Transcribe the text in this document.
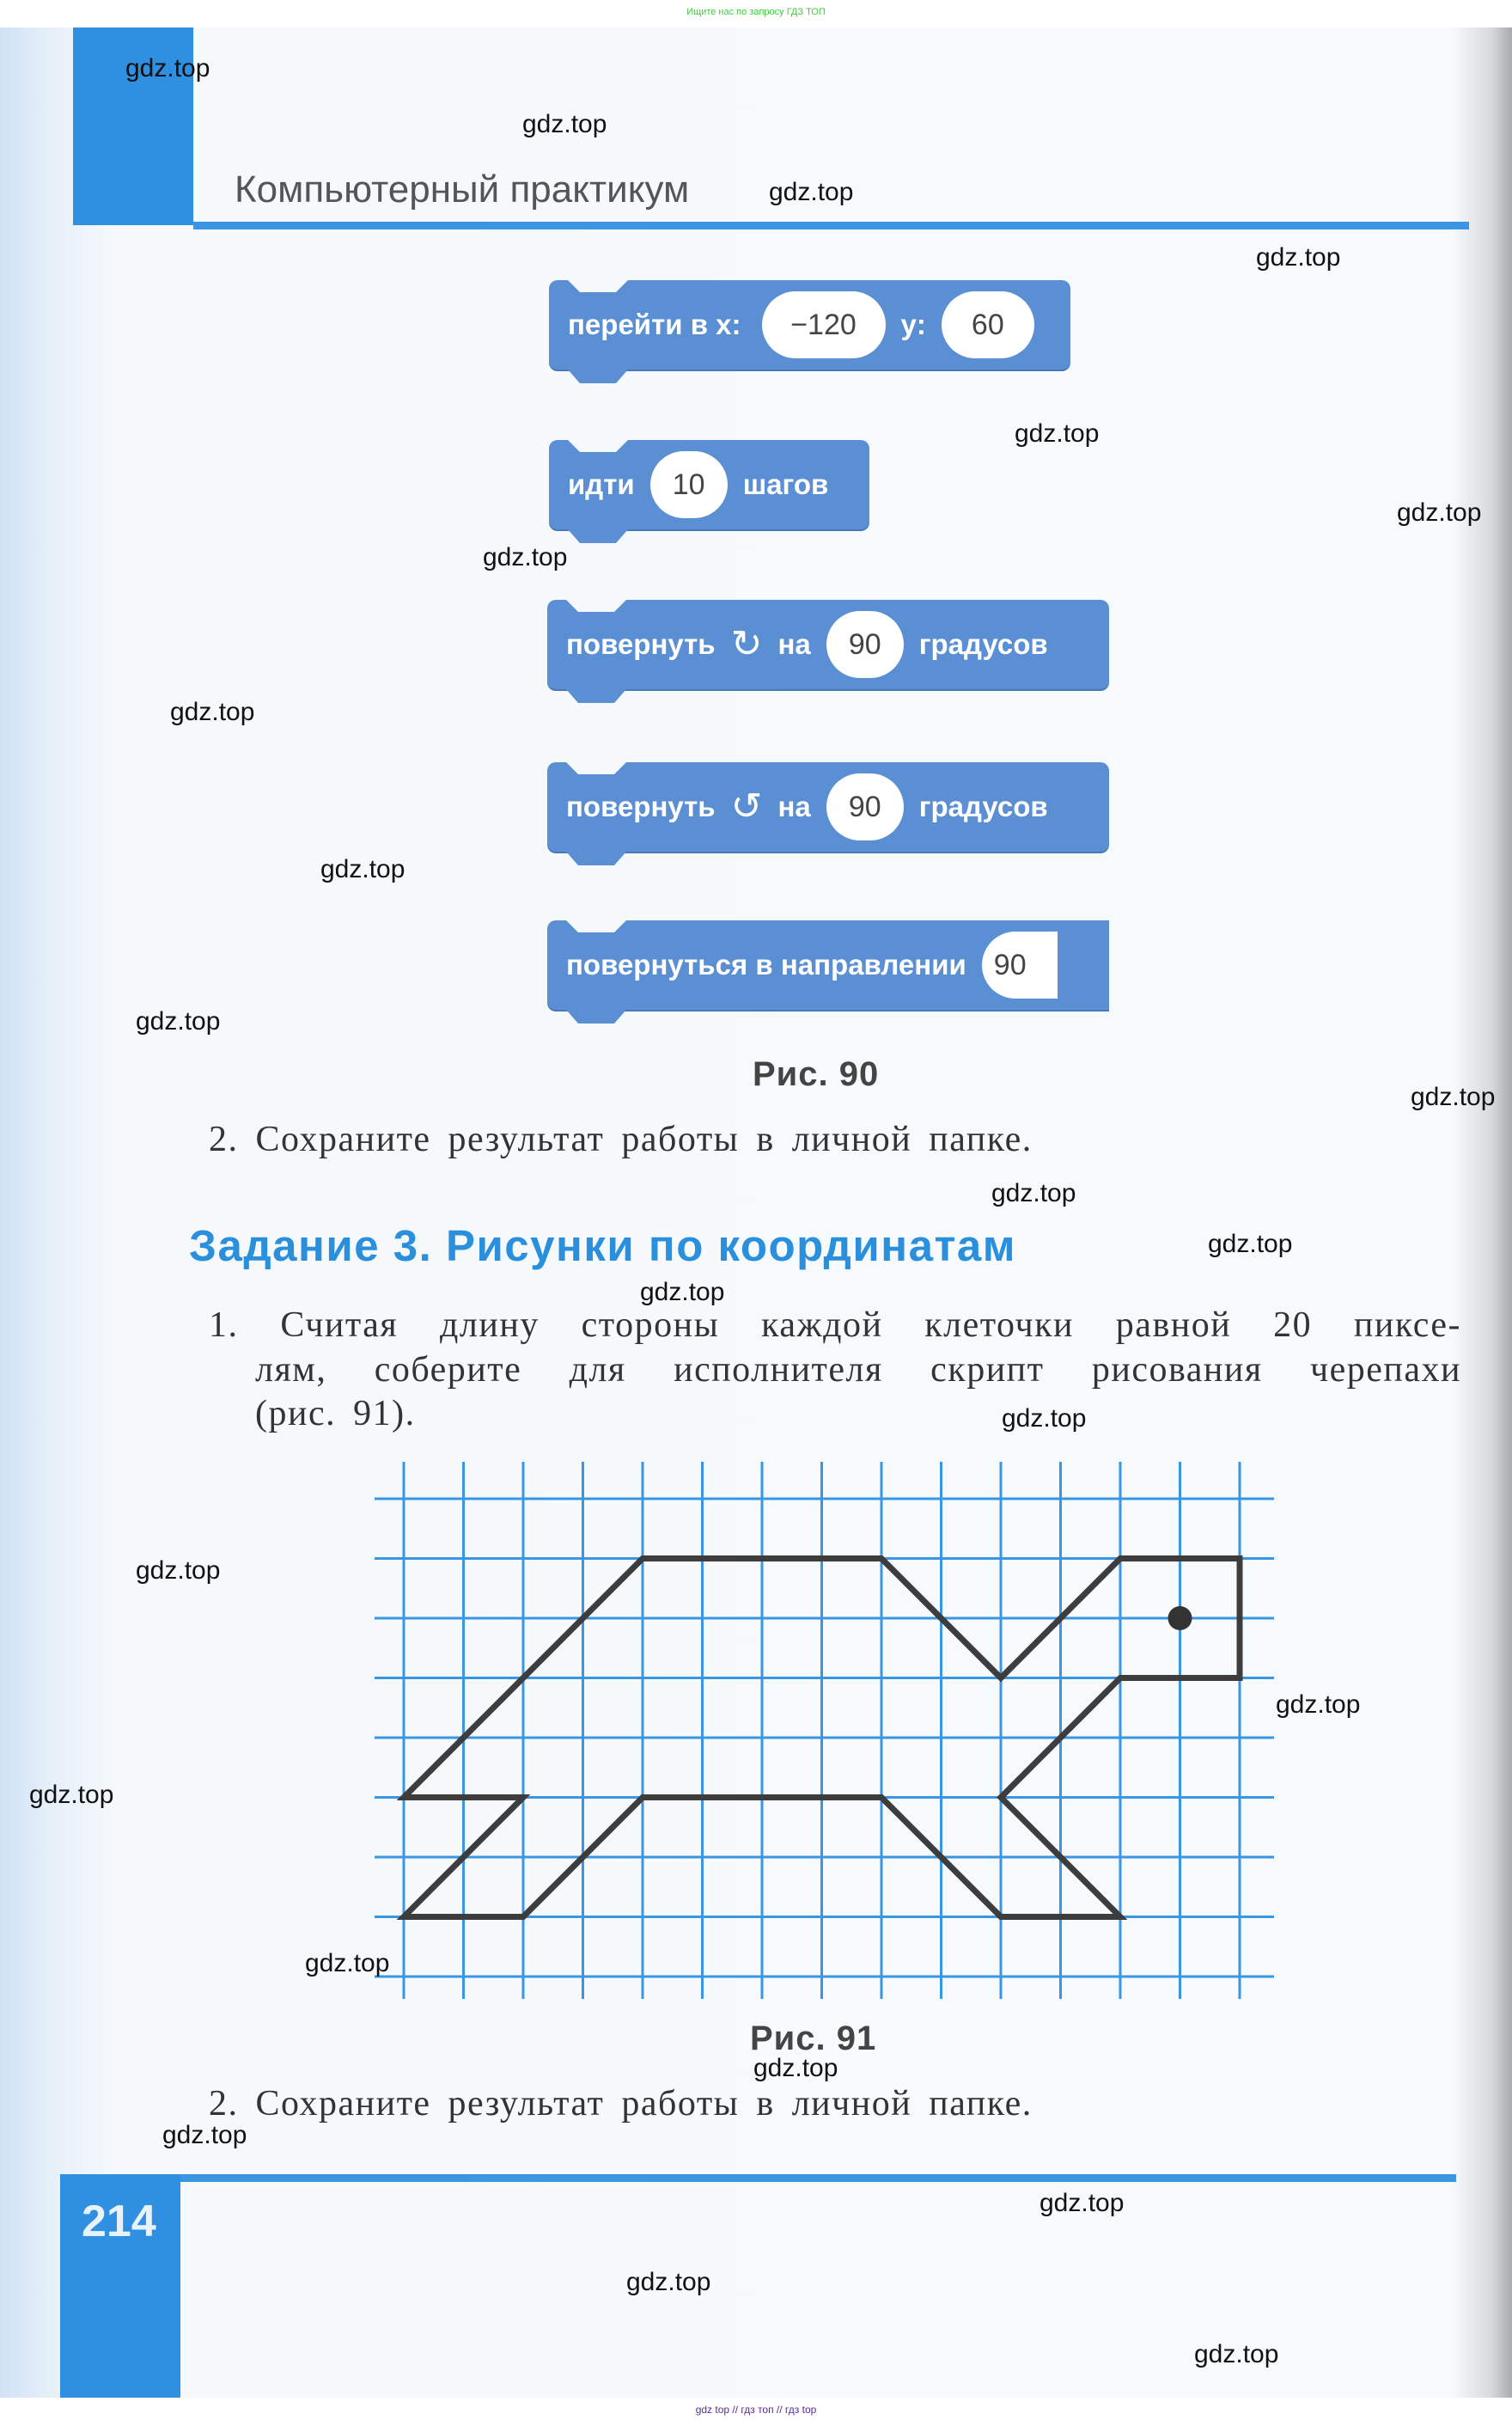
Ищите нас по запросу ГДЗ ТОП
Компьютерный практикум
перейти в x:	−120	y:	60
идти	10	шагов
повернуть ↻ на	90	градусов
повернуть ↺ на	90	градусов
повернуться в направлении 90
Рис. 90
2. Сохраните результат работы в личной папке.
Задание 3. Рисунки по координатам
1. Считая длину стороны каждой клеточки равной 20 пиксе-
лям, соберите для исполнителя скрипт рисования черепахи
(рис. 91).
Рис. 91
2. Сохраните результат работы в личной папке.
214
gdz top // гдз топ // гдз top
gdz.top
gdz.top
gdz.top
gdz.top
gdz.top
gdz.top
gdz.top
gdz.top
gdz.top
gdz.top
gdz.top
gdz.top
gdz.top
gdz.top
gdz.top
gdz.top
gdz.top
gdz.top
gdz.top
gdz.top
gdz.top
gdz.top
gdz.top
gdz.top
